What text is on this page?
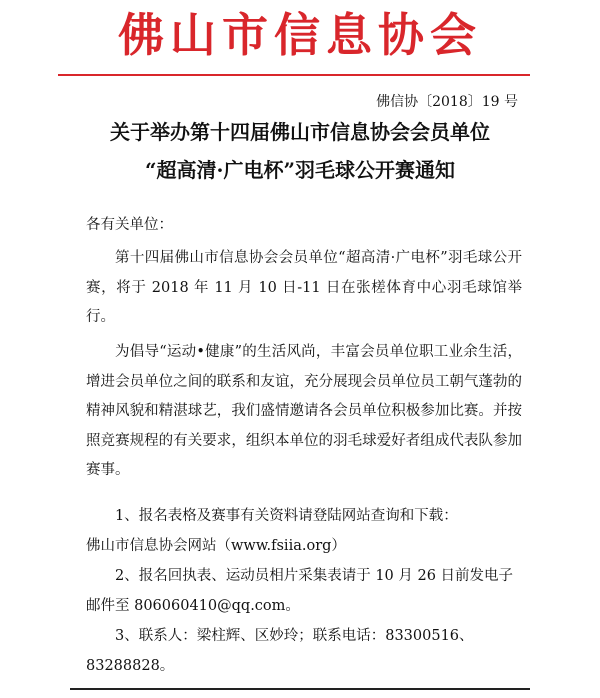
佛山市信息协会
佛信协〔2018〕19 号
关于举办第十四届佛山市信息协会会员单位
“超高清·广电杯”羽毛球公开赛通知
各有关单位：

第十四届佛山市信息协会会员单位“超高清·广电杯”羽毛球公开赛，将于 2018 年 11 月 10 日-11 日在张槎体育中心羽毛球馆举行。

为倡导“运动•健康”的生活风尚，丰富会员单位职工业余生活，增进会员单位之间的联系和友谊，充分展现会员单位员工朝气蓬勃的精神风貌和精湛球艺，我们盛情邀请各会员单位积极参加比赛。并按照竞赛规程的有关要求，组织本单位的羽毛球爱好者组成代表队参加赛事。

1、报名表格及赛事有关资料请登陆网站查询和下载：

佛山市信息协会网站（www.fsiia.org）

2、报名回执表、运动员相片采集表请于 10 月 26 日前发电子邮件至 806060410@qq.com。

3、联系人：梁柱辉、区妙玲；联系电话：83300516、83288828。
